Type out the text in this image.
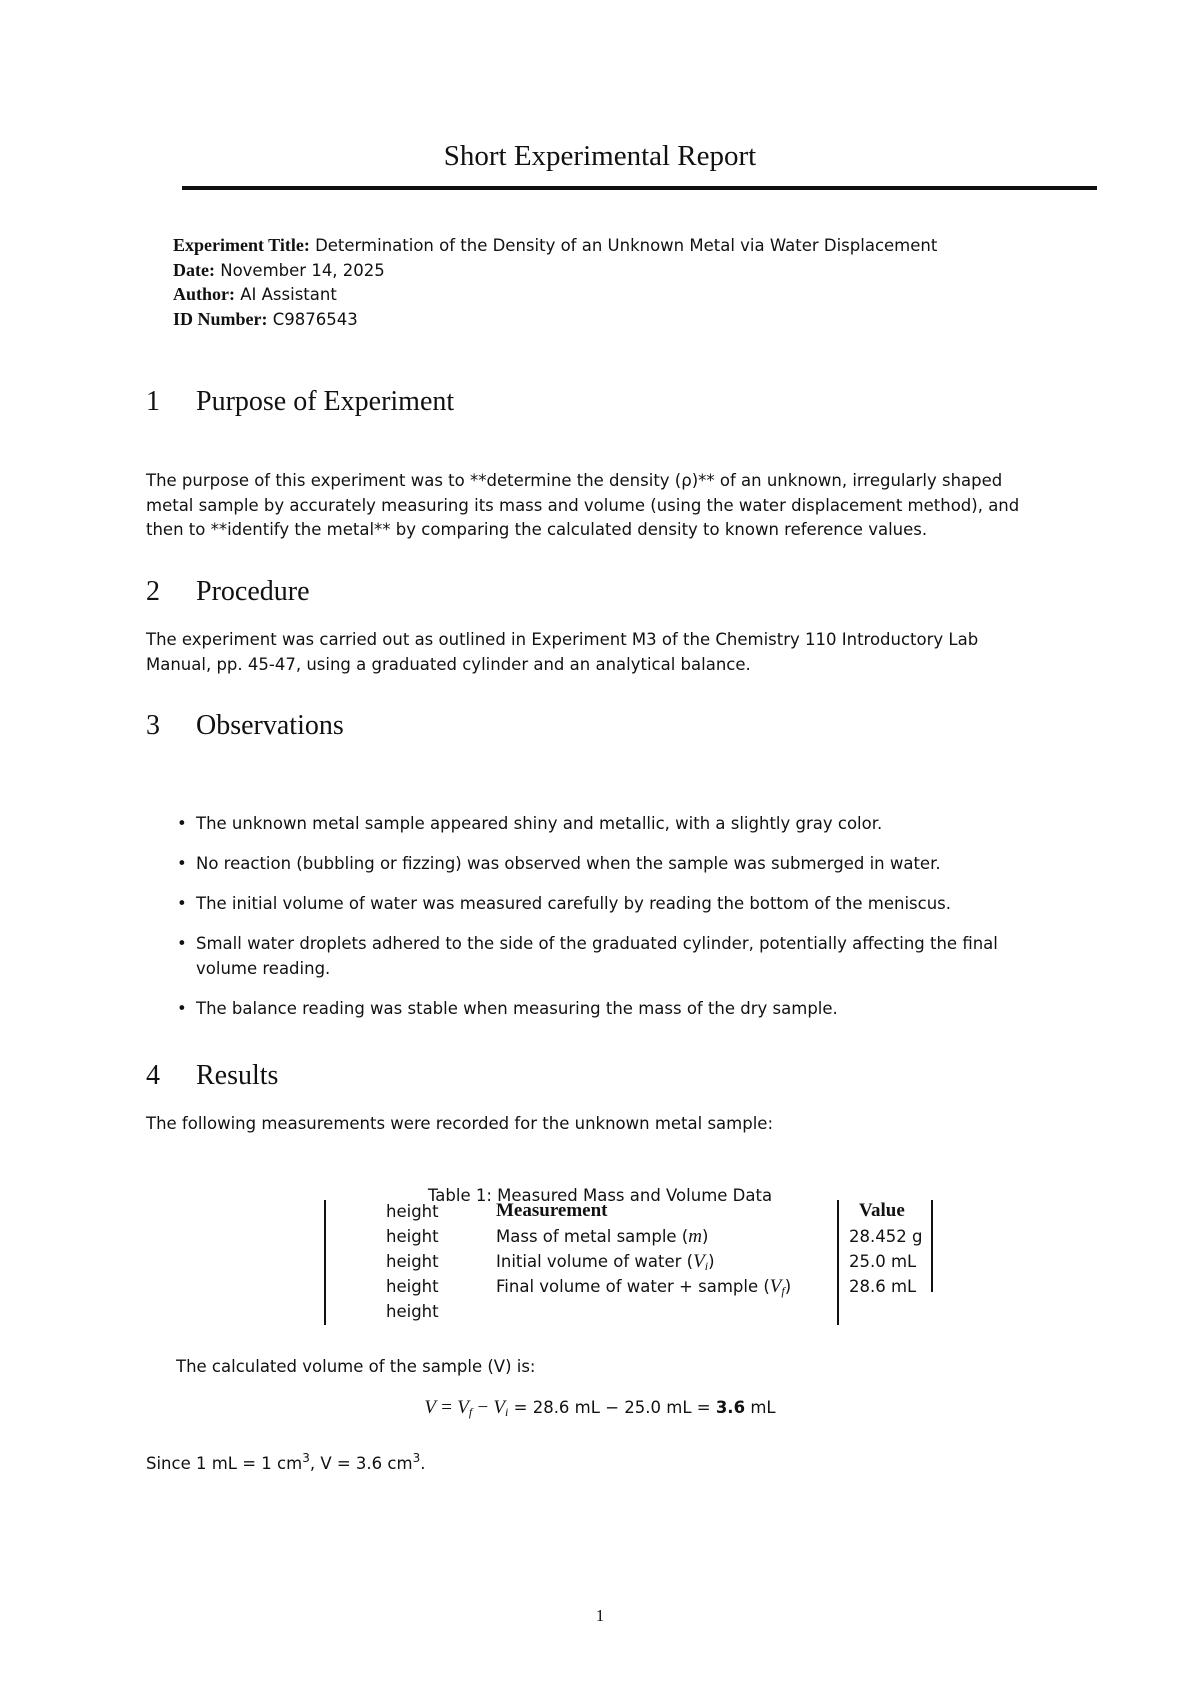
Short Experimental Report
Experiment Title: Determination of the Density of an Unknown Metal via Water Displacement
Date: November 14, 2025
Author: AI Assistant
ID Number: C9876543
1 Purpose of Experiment
The purpose of this experiment was to **determine the density (ρ)** of an unknown, irregularly shaped
metal sample by accurately measuring its mass and volume (using the water displacement method), and
then to **identify the metal** by comparing the calculated density to known reference values.
2 Procedure
The experiment was carried out as outlined in Experiment M3 of the Chemistry 110 Introductory Lab
Manual, pp. 45-47, using a graduated cylinder and an analytical balance.
3 Observations
• The unknown metal sample appeared shiny and metallic, with a slightly gray color.
• No reaction (bubbling or fizzing) was observed when the sample was submerged in water.
• The initial volume of water was measured carefully by reading the bottom of the meniscus.
• Small water droplets adhered to the side of the graduated cylinder, potentially affecting the final
volume reading.
• The balance reading was stable when measuring the mass of the dry sample.
4 Results
The following measurements were recorded for the unknown metal sample:
Table 1: Measured Mass and Volume Data
height	Measurement	Value
height	Mass of metal sample (m)	28.452 g
height	Initial volume of water $(V_i)$	25.0 mL
height	Final volume of water + sample $(V_f)$	28.6 mL
height
The calculated volume of the sample (V) is:
$V = V_f - V_i = 28.6$ mL − 25.0 mL = 3.6 mL
Since 1 mL = 1 $cm^3$, V = 3.6 $cm^3$.
1
